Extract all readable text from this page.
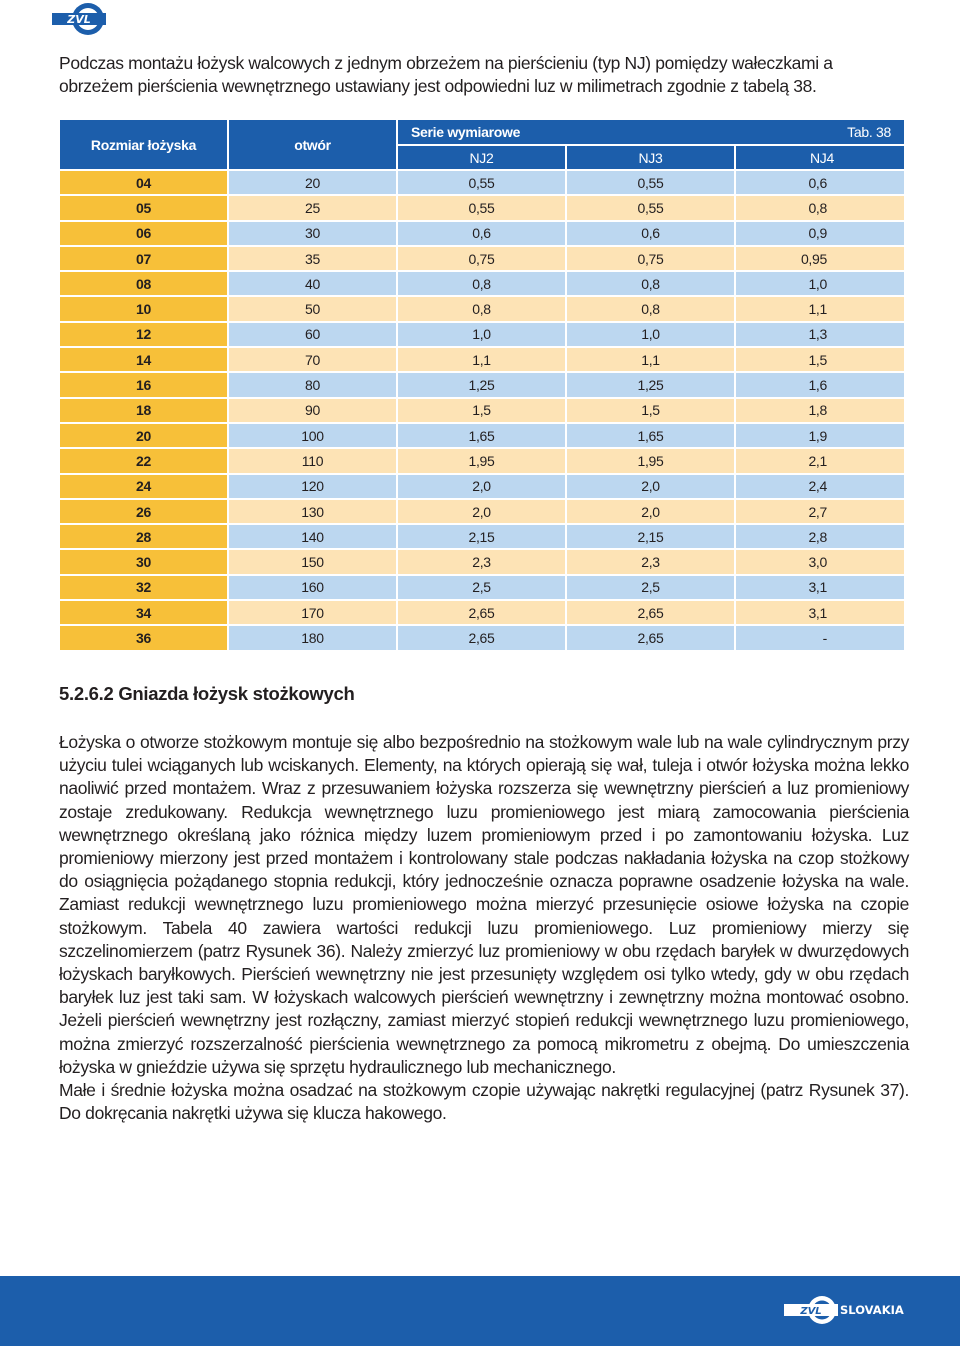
ZVL

Podczas montażu łożysk walcowych z jednym obrzeżem na pierścieniu (typ NJ) pomiędzy wałeczkami a obrzeżem pierścienia wewnętrznego ustawiany jest odpowiedni luz w milimetrach zgodnie z tabelą 38.

Rozmiar łożyska	otwór	Serie wymiarowe Tab. 38		

		NJ2	NJ3	NJ4
04	20	0,55	0,55	0,6
05	25	0,55	0,55	0,8
06	30	0,6	0,6	0,9
07	35	0,75	0,75	0,95
08	40	0,8	0,8	1,0
10	50	0,8	0,8	1,1
12	60	1,0	1,0	1,3
14	70	1,1	1,1	1,5
16	80	1,25	1,25	1,6
18	90	1,5	1,5	1,8
20	100	1,65	1,65	1,9
22	110	1,95	1,95	2,1
24	120	2,0	2,0	2,4
26	130	2,0	2,0	2,7
28	140	2,15	2,15	2,8
30	150	2,3	2,3	3,0
32	160	2,5	2,5	3,1
34	170	2,65	2,65	3,1
36	180	2,65	2,65	-
5.2.6.2 Gniazda łożysk stożkowych

Łożyska o otworze stożkowym montuje się albo bezpośrednio na stożkowym wale lub na wale cylindrycznym przy użyciu tulei wciąganych lub wciskanych. Elementy, na których opierają się wał, tuleja i otwór łożyska można lekko naoliwić przed montażem. Wraz z przesuwaniem łożyska rozszerza się wewnętrzny pierścień a luz promieniowy zostaje zredukowany. Redukcja wewnętrznego luzu promieniowego jest miarą zamocowania pierścienia wewnętrznego określaną jako różnica między luzem promieniowym przed i po zamontowaniu łożyska. Luz promieniowy mierzony jest przed montażem i kontrolowany stale podczas nakładania łożyska na czop stożkowy do osiągnięcia pożądanego stopnia redukcji, który jednocześnie oznacza poprawne osadzenie łożyska na wale. Zamiast redukcji wewnętrznego luzu promieniowego można mierzyć przesunięcie osiowe łożyska na czopie stożkowym. Tabela 40 zawiera wartości redukcji luzu promieniowego. Luz promieniowy mierzy się szczelinomierzem (patrz Rysunek 36). Należy zmierzyć luz promieniowy w obu rzędach baryłek w dwurzędowych łożyskach baryłkowych. Pierścień wewnętrzny nie jest przesunięty względem osi tylko wtedy, gdy w obu rzędach baryłek luz jest taki sam. W łożyskach walcowych pierścień wewnętrzny i zewnętrzny można montować osobno. Jeżeli pierścień wewnętrzny jest rozłączny, zamiast mierzyć stopień redukcji wewnętrznego luzu promieniowego, można zmierzyć rozszerzalność pierścienia wewnętrznego za pomocą mikrometru z obejmą. Do umieszczenia łożyska w gnieździe używa się sprzętu hydraulicznego lub mechanicznego.

Małe i średnie łożyska można osadzać na stożkowym czopie używając nakrętki regulacyjnej (patrz Rysunek 37). Do dokręcania nakrętki używa się klucza hakowego.

ZVL SLOVAKIA
